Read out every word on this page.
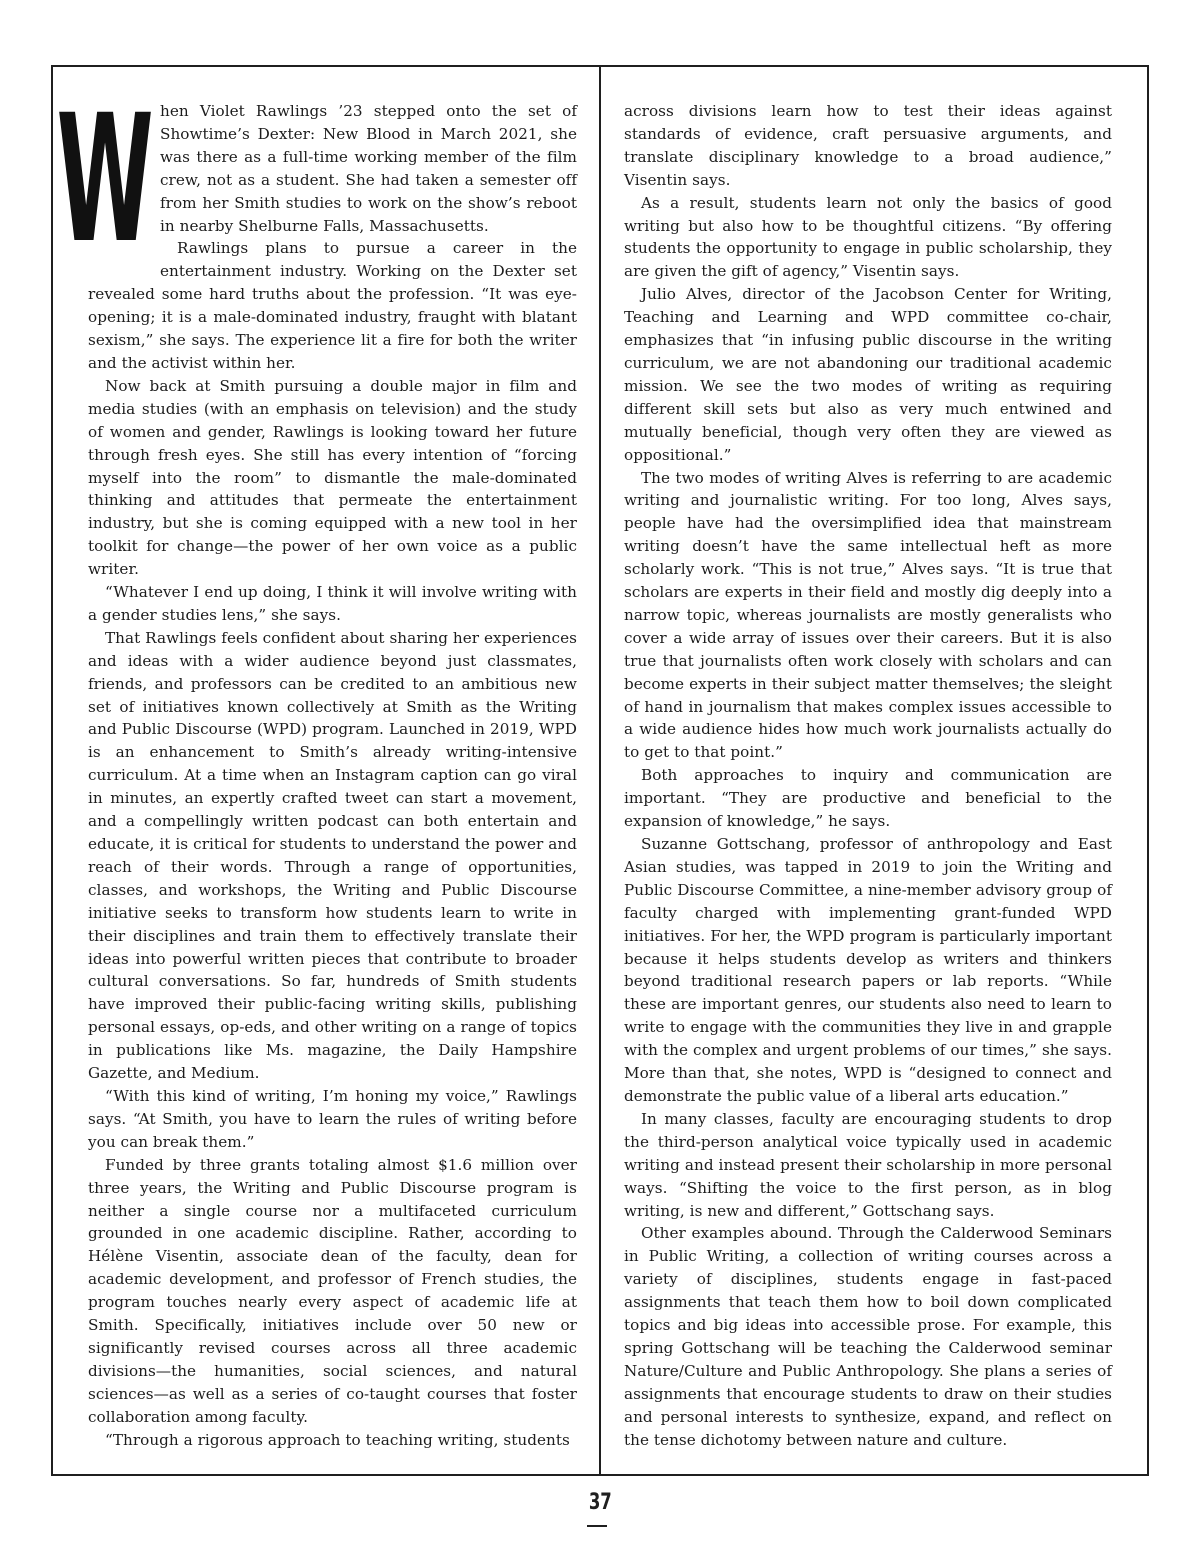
W hen Violet Rawlings ’23 stepped onto the set of Showtime’s Dexter: New Blood in March 2021, she was there as a full-time working member of the film crew, not as a student. She had taken a semester off from her Smith studies to work on the show’s reboot in nearby Shelburne Falls, Massachusetts.

Rawlings plans to pursue a career in the entertainment industry. Working on the Dexter set revealed some hard truths about the profession. “It was eye-opening; it is a male-dominated industry, fraught with blatant sexism,” she says. The experience lit a fire for both the writer and the activist within her.

Now back at Smith pursuing a double major in film and media studies (with an emphasis on television) and the study of women and gender, Rawlings is looking toward her future through fresh eyes. She still has every intention of “forcing myself into the room” to dismantle the male-dominated thinking and attitudes that permeate the entertainment industry, but she is coming equipped with a new tool in her toolkit for change—the power of her own voice as a public writer.

“Whatever I end up doing, I think it will involve writing with a gender studies lens,” she says.

That Rawlings feels confident about sharing her experiences and ideas with a wider audience beyond just classmates, friends, and professors can be credited to an ambitious new set of initiatives known collectively at Smith as the Writing and Public Discourse (WPD) program. Launched in 2019, WPD is an enhancement to Smith’s already writing-intensive curriculum. At a time when an Instagram caption can go viral in minutes, an expertly crafted tweet can start a movement, and a compellingly written podcast can both entertain and educate, it is critical for students to understand the power and reach of their words. Through a range of opportunities, classes, and workshops, the Writing and Public Discourse initiative seeks to transform how students learn to write in their disciplines and train them to effectively translate their ideas into powerful written pieces that contribute to broader cultural conversations. So far, hundreds of Smith students have improved their public-facing writing skills, publishing personal essays, op-eds, and other writing on a range of topics in publications like Ms. magazine, the Daily Hampshire Gazette, and Medium.

“With this kind of writing, I’m honing my voice,” Rawlings says. “At Smith, you have to learn the rules of writing before you can break them.”

Funded by three grants totaling almost $1.6 million over three years, the Writing and Public Discourse program is neither a single course nor a multifaceted curriculum grounded in one academic discipline. Rather, according to Hélène Visentin, associate dean of the faculty, dean for academic development, and professor of French studies, the program touches nearly every aspect of academic life at Smith. Specifically, initiatives include over 50 new or significantly revised courses across all three academic divisions—the humanities, social sciences, and natural sciences—as well as a series of co-taught courses that foster collaboration among faculty.

“Through a rigorous approach to teaching writing, students

across divisions learn how to test their ideas against standards of evidence, craft persuasive arguments, and translate disciplinary knowledge to a broad audience,” Visentin says.

As a result, students learn not only the basics of good writing but also how to be thoughtful citizens. “By offering students the opportunity to engage in public scholarship, they are given the gift of agency,” Visentin says.

Julio Alves, director of the Jacobson Center for Writing, Teaching and Learning and WPD committee co-chair, emphasizes that “in infusing public discourse in the writing curriculum, we are not abandoning our traditional academic mission. We see the two modes of writing as requiring different skill sets but also as very much entwined and mutually beneficial, though very often they are viewed as oppositional.”

The two modes of writing Alves is referring to are academic writing and journalistic writing. For too long, Alves says, people have had the oversimplified idea that mainstream writing doesn’t have the same intellectual heft as more scholarly work. “This is not true,” Alves says. “It is true that scholars are experts in their field and mostly dig deeply into a narrow topic, whereas journalists are mostly generalists who cover a wide array of issues over their careers. But it is also true that journalists often work closely with scholars and can become experts in their subject matter themselves; the sleight of hand in journalism that makes complex issues accessible to a wide audience hides how much work journalists actually do to get to that point.”

Both approaches to inquiry and communication are important. “They are productive and beneficial to the expansion of knowledge,” he says.

Suzanne Gottschang, professor of anthropology and East Asian studies, was tapped in 2019 to join the Writing and Public Discourse Committee, a nine-member advisory group of faculty charged with implementing grant-funded WPD initiatives. For her, the WPD program is particularly important because it helps students develop as writers and thinkers beyond traditional research papers or lab reports. “While these are important genres, our students also need to learn to write to engage with the communities they live in and grapple with the complex and urgent problems of our times,” she says. More than that, she notes, WPD is “designed to connect and demonstrate the public value of a liberal arts education.”

In many classes, faculty are encouraging students to drop the third-person analytical voice typically used in academic writing and instead present their scholarship in more personal ways. “Shifting the voice to the first person, as in blog writing, is new and different,” Gottschang says.

Other examples abound. Through the Calderwood Seminars in Public Writing, a collection of writing courses across a variety of disciplines, students engage in fast-paced assignments that teach them how to boil down complicated topics and big ideas into accessible prose. For example, this spring Gottschang will be teaching the Calderwood seminar Nature/Culture and Public Anthropology. She plans a series of assignments that encourage students to draw on their studies and personal interests to synthesize, expand, and reflect on the tense dichotomy between nature and culture.

37
